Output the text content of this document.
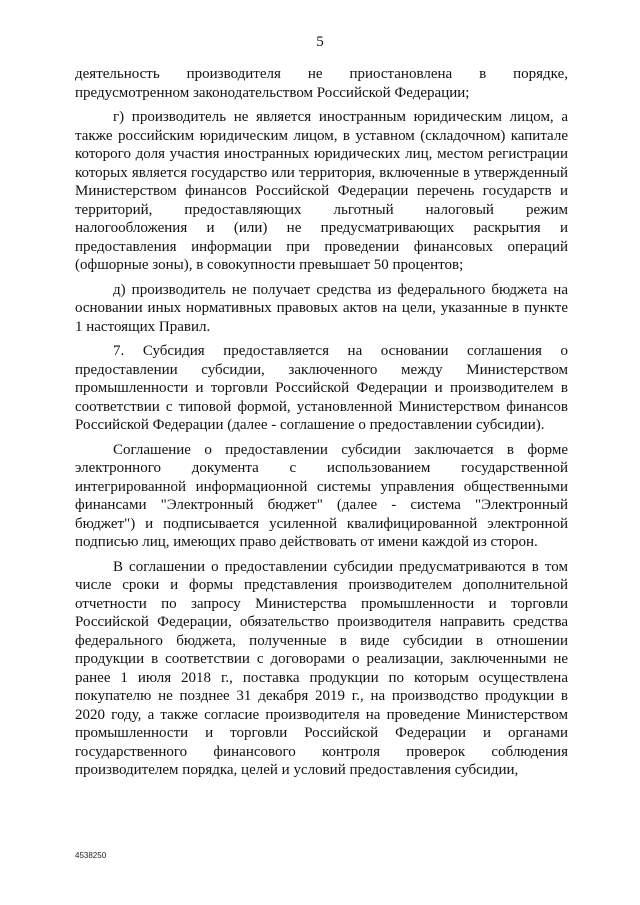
5

деятельность производителя не приостановлена в порядке, предусмотренном законодательством Российской Федерации;

г) производитель не является иностранным юридическим лицом, а также российским юридическим лицом, в уставном (складочном) капитале которого доля участия иностранных юридических лиц, местом регистрации которых является государство или территория, включенные в утвержденный Министерством финансов Российской Федерации перечень государств и территорий, предоставляющих льготный налоговый режим налогообложения и (или) не предусматривающих раскрытия и предоставления информации при проведении финансовых операций (офшорные зоны), в совокупности превышает 50 процентов;

д) производитель не получает средства из федерального бюджета на основании иных нормативных правовых актов на цели, указанные в пункте 1 настоящих Правил.

7. Субсидия предоставляется на основании соглашения о предоставлении субсидии, заключенного между Министерством промышленности и торговли Российской Федерации и производителем в соответствии с типовой формой, установленной Министерством финансов Российской Федерации (далее - соглашение о предоставлении субсидии).

Соглашение о предоставлении субсидии заключается в форме электронного документа с использованием государственной интегрированной информационной системы управления общественными финансами "Электронный бюджет" (далее - система "Электронный бюджет") и подписывается усиленной квалифицированной электронной подписью лиц, имеющих право действовать от имени каждой из сторон.

В соглашении о предоставлении субсидии предусматриваются в том числе сроки и формы представления производителем дополнительной отчетности по запросу Министерства промышленности и торговли Российской Федерации, обязательство производителя направить средства федерального бюджета, полученные в виде субсидии в отношении продукции в соответствии с договорами о реализации, заключенными не ранее 1 июля 2018 г., поставка продукции по которым осуществлена покупателю не позднее 31 декабря 2019 г., на производство продукции в 2020 году, а также согласие производителя на проведение Министерством промышленности и торговли Российской Федерации и органами государственного финансового контроля проверок соблюдения производителем порядка, целей и условий предоставления субсидии,

4538250
